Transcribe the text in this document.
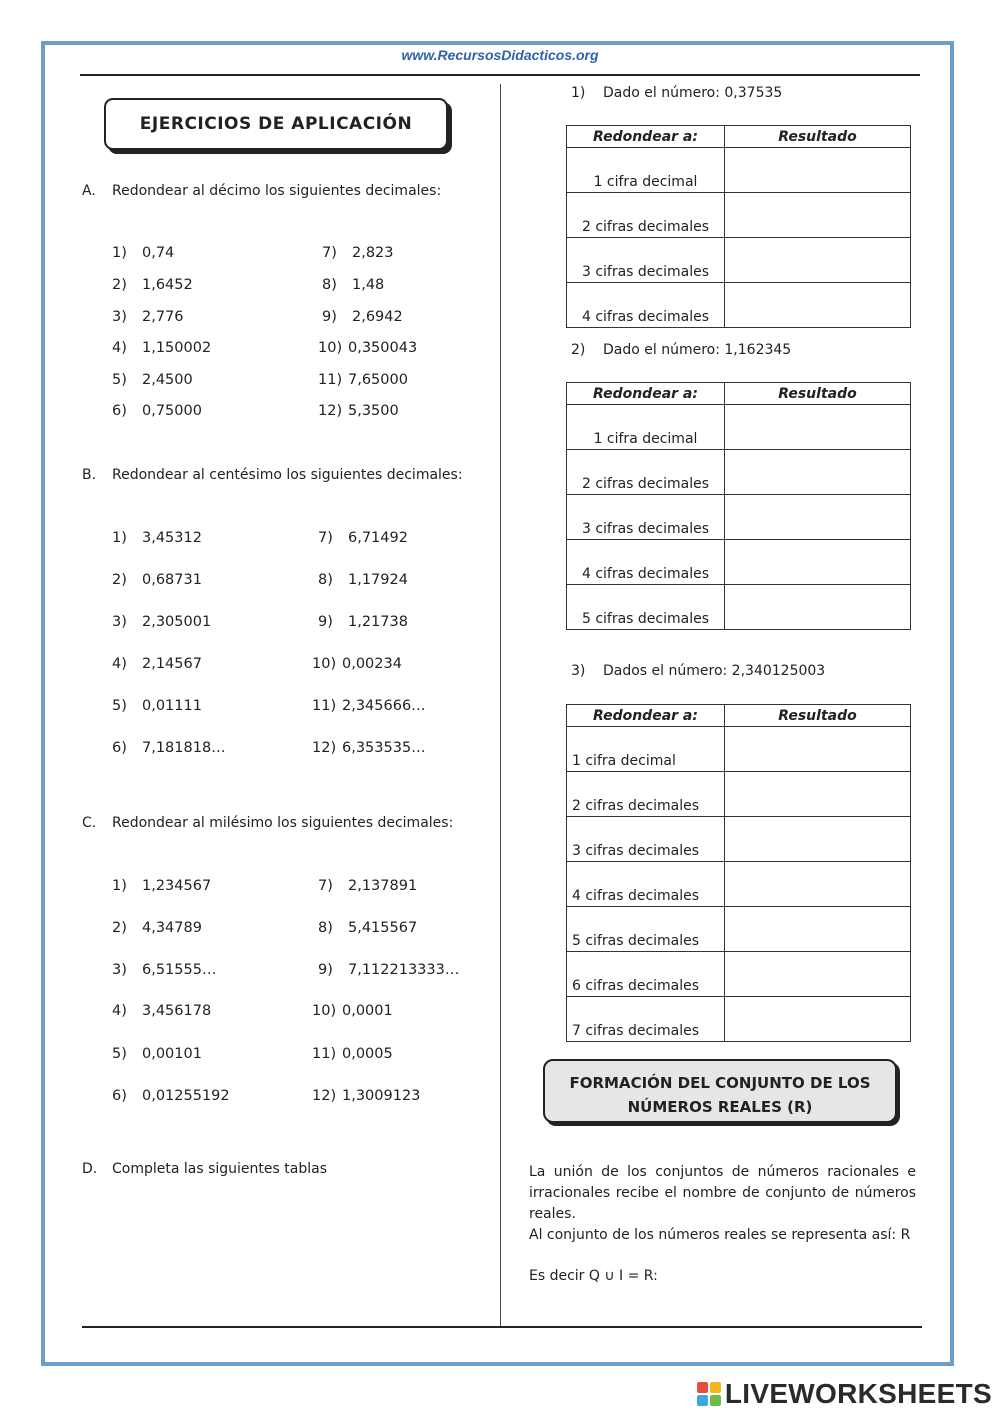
www.RecursosDidacticos.org
EJERCICIOS DE APLICACIÓN
A. Redondear al décimo los siguientes decimales:
1) 0,74
2) 1,6452
3) 2,776
4) 1,150002
5) 2,4500
6) 0,75000
7) 2,823
8) 1,48
9) 2,6942
10) 0,350043
11) 7,65000
12) 5,3500
B. Redondear al centésimo los siguientes decimales:
1) 3,45312
2) 0,68731
3) 2,305001
4) 2,14567
5) 0,01111
6) 7,181818…
7) 6,71492
8) 1,17924
9) 1,21738
10) 0,00234
11) 2,345666…
12) 6,353535…
C. Redondear al milésimo los siguientes decimales:
1) 1,234567
2) 4,34789
3) 6,51555…
4) 3,456178
5) 0,00101
6) 0,01255192
7) 2,137891
8) 5,415567
9) 7,112213333…
10) 0,0001
11) 0,0005
12) 1,3009123
D. Completa las siguientes tablas
1) Dado el número: 0,37535
2) Dado el número: 1,162345
3) Dados el número: 2,340125003
Redondear a:	Resultado
1 cifra decimal	
2 cifras decimales	
3 cifras decimales	
4 cifras decimales	
Redondear a:	Resultado
1 cifra decimal	
2 cifras decimales	
3 cifras decimales	
4 cifras decimales	
5 cifras decimales	
Redondear a:	Resultado
1 cifra decimal	
2 cifras decimales	
3 cifras decimales	
4 cifras decimales	
5 cifras decimales	
6 cifras decimales	
7 cifras decimales	
FORMACIÓN DEL CONJUNTO DE LOS
NÚMEROS REALES (R)
La unión de los conjuntos de números racionales e irracionales recibe el nombre de conjunto de números reales.
Al conjunto de los números reales se representa así: R
Es decir Q ∪ I = R:
LIVEWORKSHEETS
